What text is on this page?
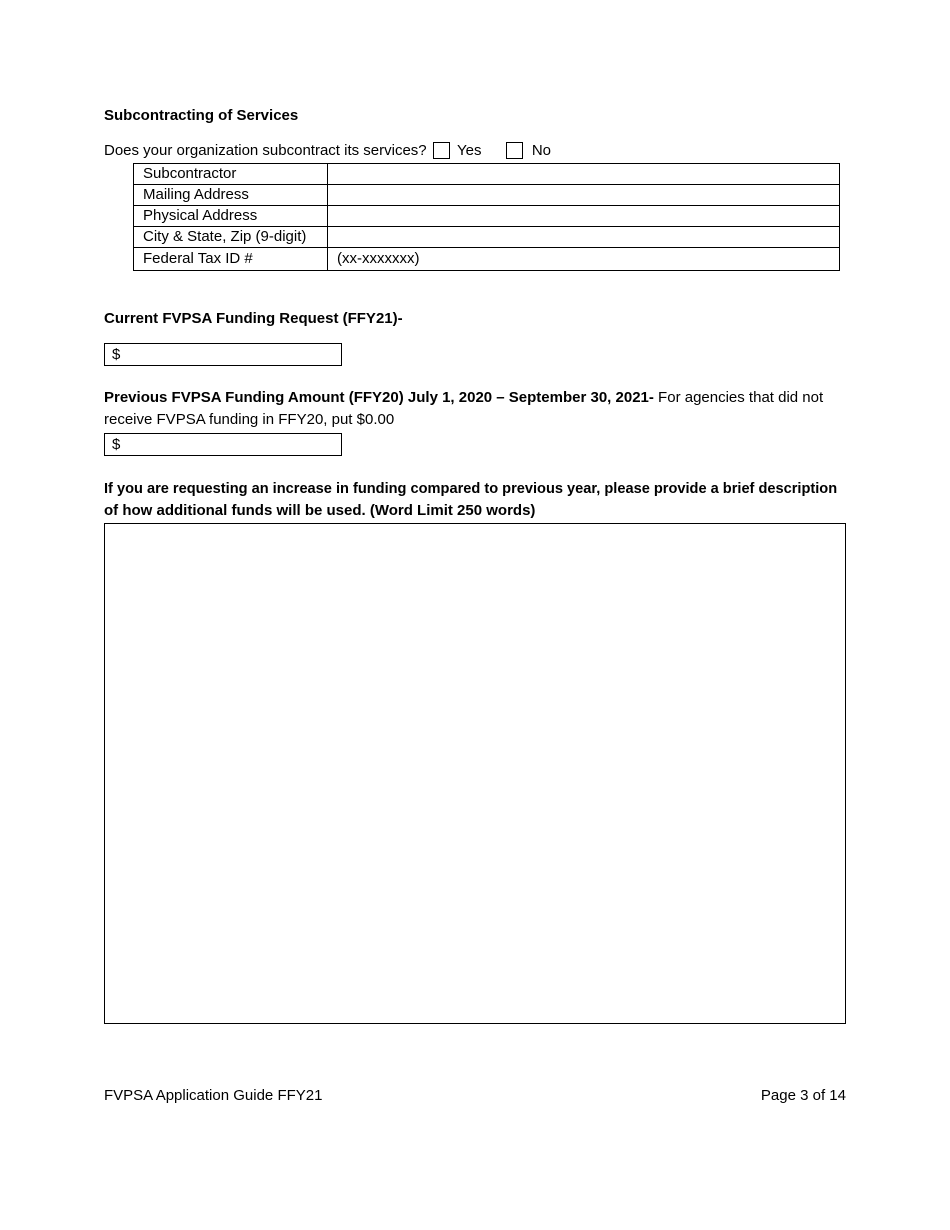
Subcontracting of Services
Does your organization subcontract its services? Yes	No
Subcontractor	
Mailing Address	
Physical Address	
City & State, Zip (9-digit)	
Federal Tax ID #	(xx-xxxxxxx)
Current FVPSA Funding Request (FFY21)-
$
Previous FVPSA Funding Amount (FFY20) July 1, 2020 – September 30, 2021- For agencies that did not
receive FVPSA funding in FFY20, put $0.00
$
If you are requesting an increase in funding compared to previous year, please provide a brief description
of how additional funds will be used. (Word Limit 250 words)
FVPSA Application Guide FFY21	Page 3 of 14
